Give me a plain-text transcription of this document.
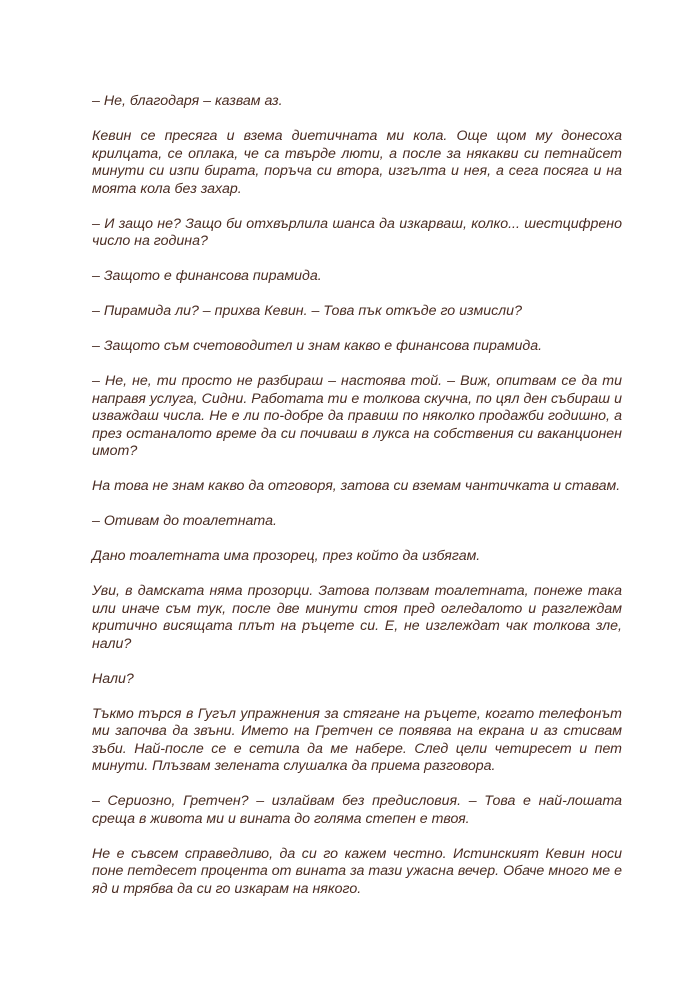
– Не, благодаря – казвам аз.

Кевин се пресяга и взема диетичната ми кола. Още щом му донесоха крилцата, се оплака, че са твърде люти, а после за някакви си петнайсет минути си изпи бирата, поръча си втора, изгълта и нея, а сега посяга и на моята кола без захар.

– И защо не? Защо би отхвърлила шанса да изкарваш, колко... шестцифрено число на година?

– Защото е финансова пирамида.

– Пирамида ли? – прихва Кевин. – Това пък откъде го измисли?

– Защото съм счетоводител и знам какво е финансова пирамида.

– Не, не, ти просто не разбираш – настоява той. – Виж, опитвам се да ти направя услуга, Сидни. Работата ти е толкова скучна, по цял ден събираш и изваждаш числа. Не е ли по-добре да правиш по няколко продажби годишно, а през останалото време да си почиваш в лукса на собствения си ваканционен имот?

На това не знам какво да отговоря, затова си вземам чантичката и ставам.

– Отивам до тоалетната.

Дано тоалетната има прозорец, през който да избягам.

Уви, в дамската няма прозорци. Затова ползвам тоалетната, понеже така или иначе съм тук, после две минути стоя пред огледалото и разглеждам критично висящата плът на ръцете си. Е, не изглеждат чак толкова зле, нали?

Нали?

Тъкмо търся в Гугъл упражнения за стягане на ръцете, когато телефонът ми започва да звъни. Името на Гретчен се появява на екрана и аз стисвам зъби. Най-после се е сетила да ме набере. След цели четиресет и пет минути. Плъзвам зелената слушалка да приема разговора.

– Сериозно, Гретчен? – излайвам без предисловия. – Това е най-лошата среща в живота ми и вината до голяма степен е твоя.

Не е съвсем справедливо, да си го кажем честно. Истинският Кевин носи поне петдесет процента от вината за тази ужасна вечер. Обаче много ме е яд и трябва да си го изкарам на някого.
